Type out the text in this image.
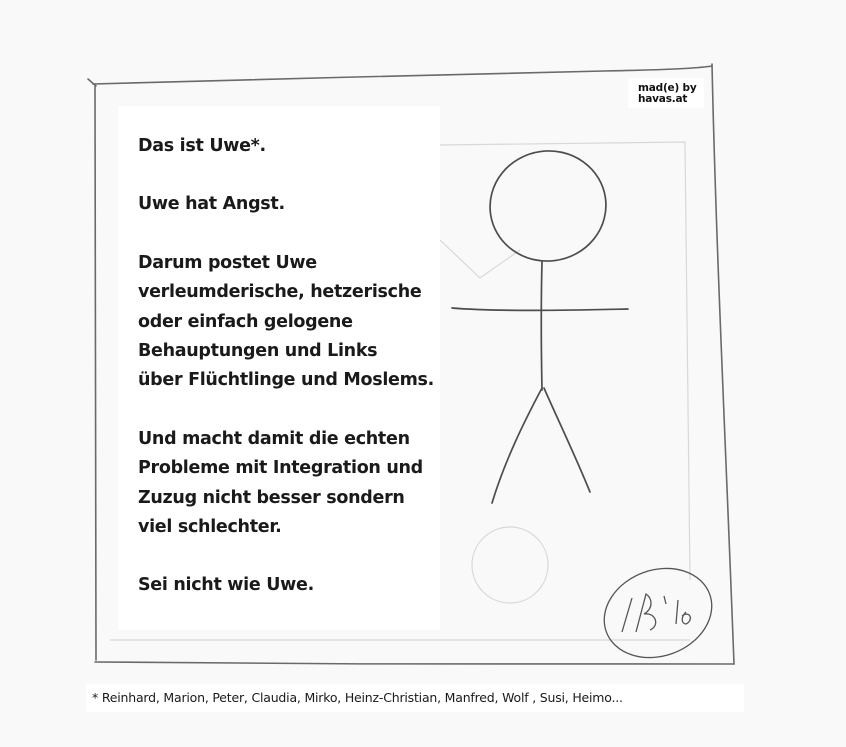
mad(e) by
havas.at

Das ist Uwe*.

Uwe hat Angst.

Darum postet Uwe

verleumderische, hetzerische

oder einfach gelogene

Behauptungen und Links

über Flüchtlinge und Moslems.

Und macht damit die echten

Probleme mit Integration und

Zuzug nicht besser sondern

viel schlechter.

Sei nicht wie Uwe.

* Reinhard, Marion, Peter, Claudia, Mirko, Heinz-Christian, Manfred, Wolf , Susi, Heimo...
